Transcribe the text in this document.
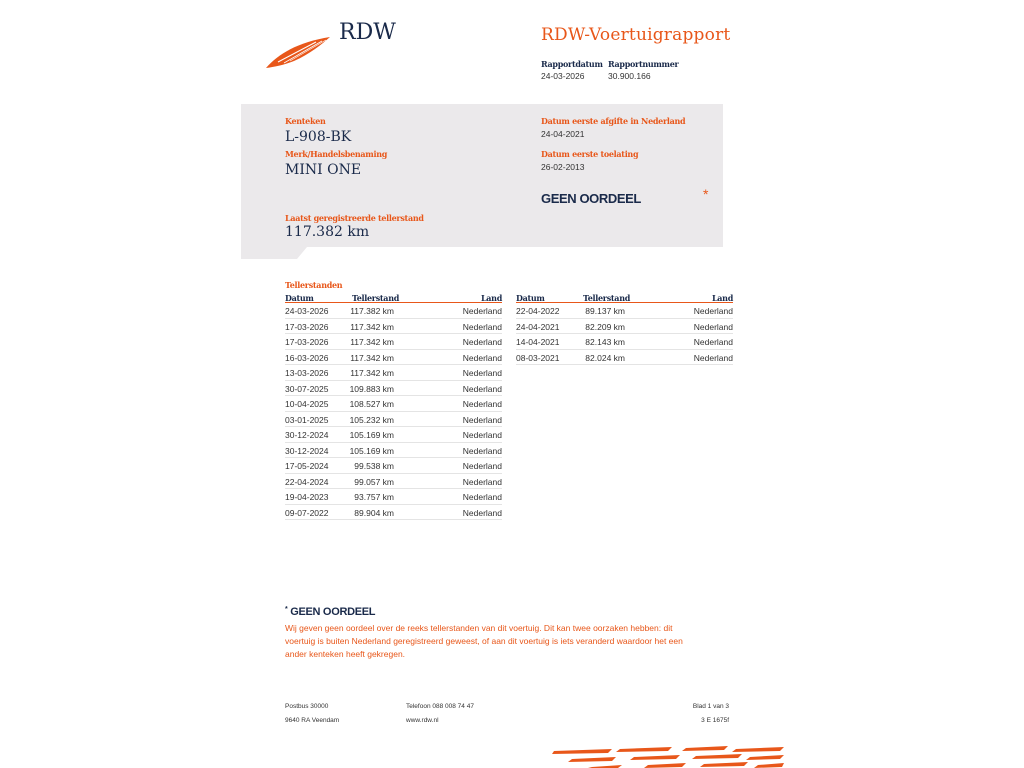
RDW	RDW-Voertuigrapport
Rapportdatum
24-03-2026
Rapportnummer
30.900.166
Kenteken
L-908-BK
Merk/Handelsbenaming
MINI ONE
Laatst geregistreerde tellerstand
117.382 km
Datum eerste afgifte in Nederland
24-04-2021
Datum eerste toelating
26-02-2013
GEEN OORDEEL	*
Tellerstanden
Datum	Tellerstand	Land
24-03-2026	117.382 km	Nederland
17-03-2026	117.342 km	Nederland
17-03-2026	117.342 km	Nederland
16-03-2026	117.342 km	Nederland
13-03-2026	117.342 km	Nederland
30-07-2025 109.883 km	Nederland
10-04-2025 108.527 km	Nederland
03-01-2025 105.232 km	Nederland
30-12-2024 105.169 km	Nederland
30-12-2024 105.169 km	Nederland
17-05-2024	99.538 km	Nederland
22-04-2024	99.057 km	Nederland
19-04-2023	93.757 km	Nederland
09-07-2022	89.904 km	Nederland
Datum	Tellerstand	Land
22-04-2022	89.137 km	Nederland
24-04-2021	82.209 km	Nederland
14-04-2021	82.143 km	Nederland
08-03-2021	82.024 km	Nederland
* GEEN OORDEEL
Wij geven geen oordeel over de reeks tellerstanden van dit voertuig. Dit kan twee oorzaken hebben: dit voertuig is buiten Nederland geregistreerd geweest, of aan dit voertuig is iets veranderd waardoor het een ander kenteken heeft gekregen.
Postbus 30000
9640 RA Veendam
Telefoon 088 008 74 47
www.rdw.nl
Blad 1 van 3
3 E 1675f
